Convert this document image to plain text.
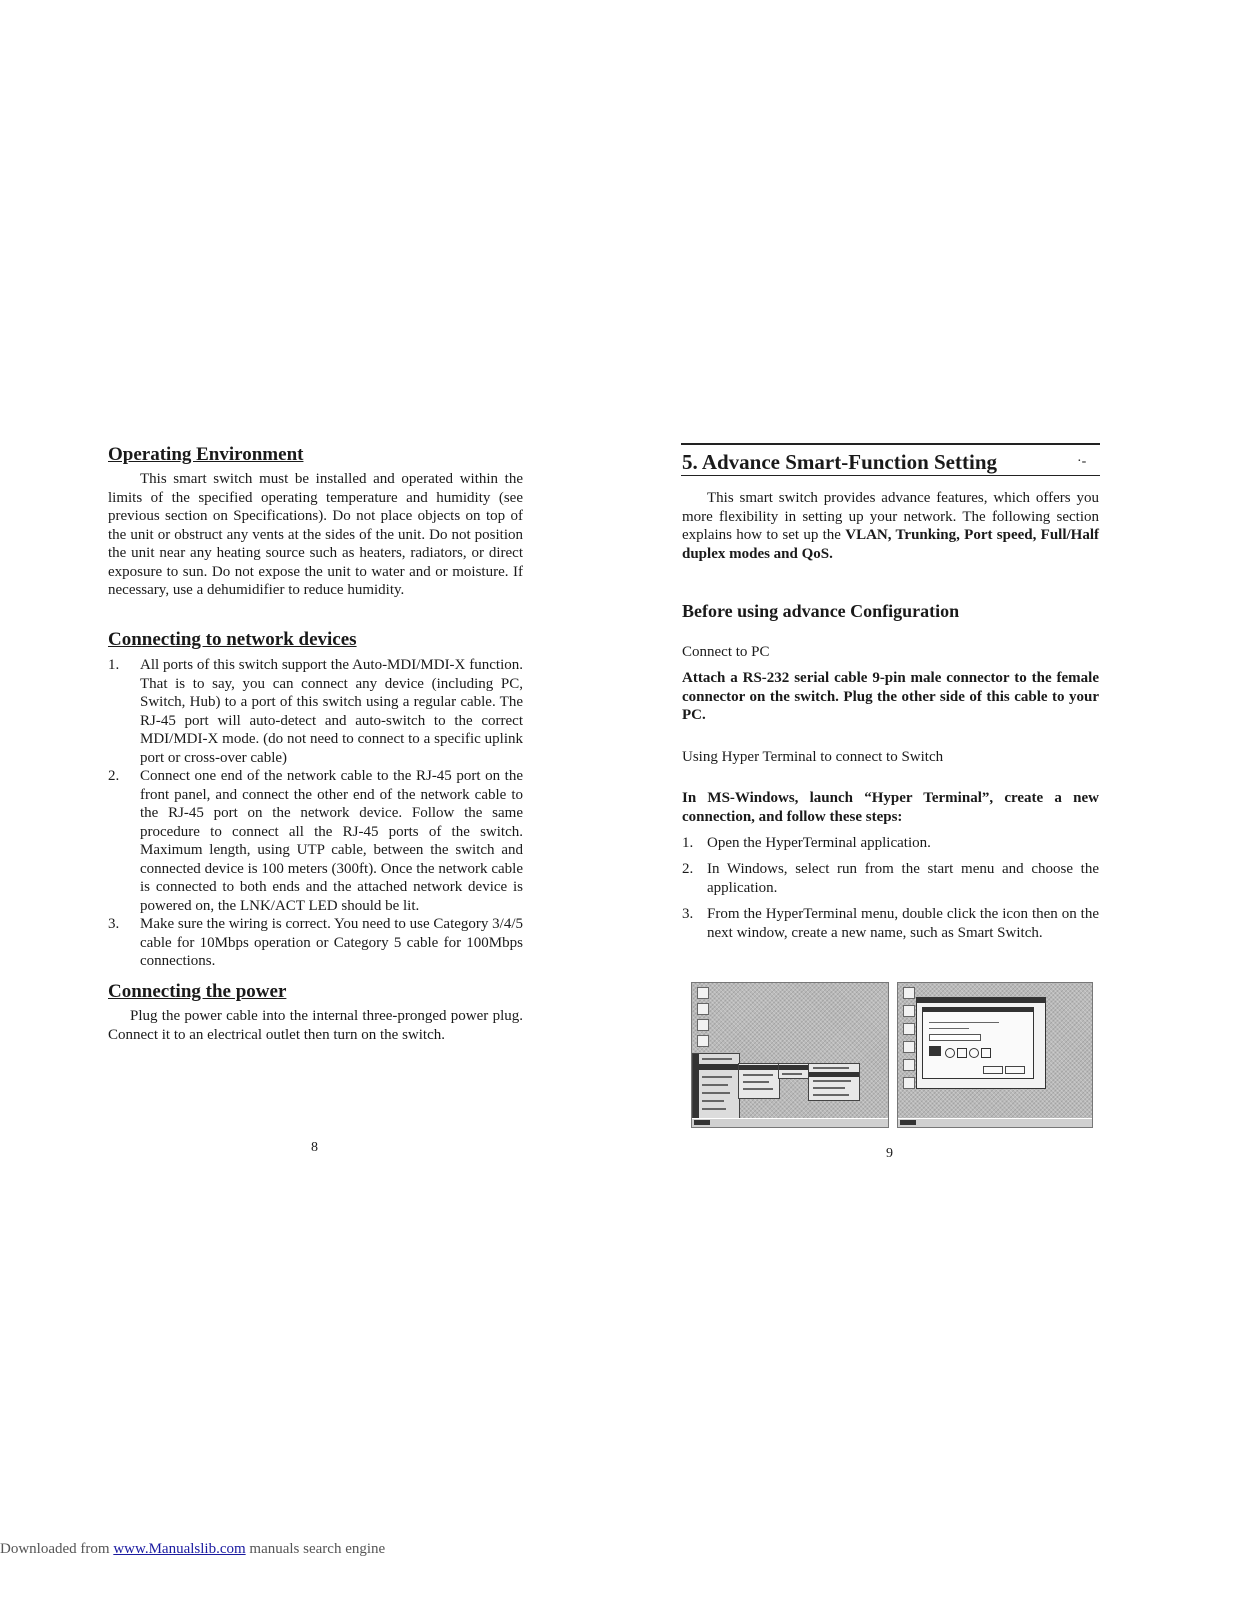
Operating Environment
This smart switch must be installed and operated within the limits of the specified operating temperature and humidity (see previous section on Specifications). Do not place objects on top of the unit or obstruct any vents at the sides of the unit. Do not position the unit near any heating source such as heaters, radiators, or direct exposure to sun. Do not expose the unit to water and or moisture. If necessary, use a dehumidifier to reduce humidity.
Connecting to network devices
1. All ports of this switch support the Auto-MDI/MDI-X function. That is to say, you can connect any device (including PC, Switch, Hub) to a port of this switch using a regular cable. The RJ-45 port will auto-detect and auto-switch to the correct MDI/MDI-X mode. (do not need to connect to a specific uplink port or cross-over cable)
2. Connect one end of the network cable to the RJ-45 port on the front panel, and connect the other end of the network cable to the RJ-45 port on the network device. Follow the same procedure to connect all the RJ-45 ports of the switch. Maximum length, using UTP cable, between the switch and connected device is 100 meters (300ft). Once the network cable is connected to both ends and the attached network device is powered on, the LNK/ACT LED should be lit.
3. Make sure the wiring is correct. You need to use Category 3/4/5 cable for 10Mbps operation or Category 5 cable for 100Mbps connections.
Connecting the power
Plug the power cable into the internal three-pronged power plug. Connect it to an electrical outlet then turn on the switch.
8
5. Advance Smart-Function Setting	·-
This smart switch provides advance features, which offers you more flexibility in setting up your network. The following section explains how to set up the VLAN, Trunking, Port speed, Full/Half duplex modes and QoS.
Before using advance Configuration
Connect to PC
Attach a RS-232 serial cable 9-pin male connector to the female connector on the switch. Plug the other side of this cable to your PC.
Using Hyper Terminal to connect to Switch
In MS-Windows, launch “Hyper Terminal”, create a new connection, and follow these steps:
1. Open the HyperTerminal application.
2. In Windows, select run from the start menu and choose the application.
3. From the HyperTerminal menu, double click the icon then on the next window, create a new name, such as Smart Switch.
9
Downloaded from www.Manualslib.com manuals search engine
